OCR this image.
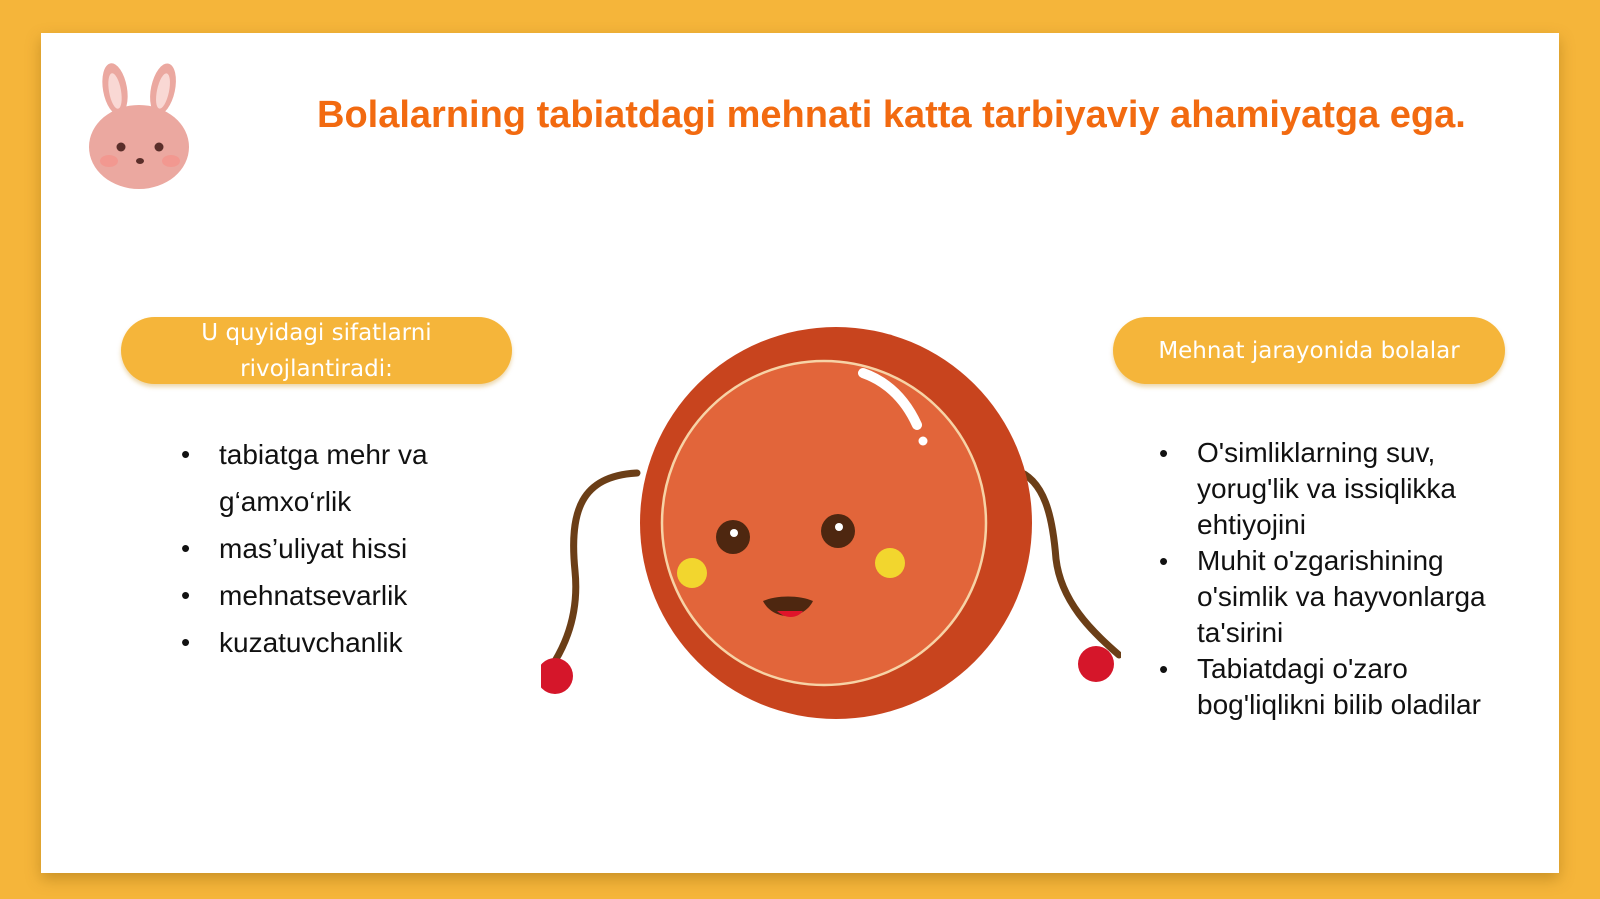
Bolalarning tabiatdagi mehnati katta tarbiyaviy ahamiyatga ega.
U quyidagi sifatlarni rivojlantiradi:
• tabiatga mehr va g‘amxo‘rlik
• mas’uliyat hissi
• mehnatsevarlik
• kuzatuvchanlik
Mehnat jarayonida bolalar
• O'simliklarning suv, yorug'lik va issiqlikka ehtiyojini
• Muhit o'zgarishining o'simlik va hayvonlarga ta'sirini
• Tabiatdagi o'zaro bog'liqlikni bilib oladilar
